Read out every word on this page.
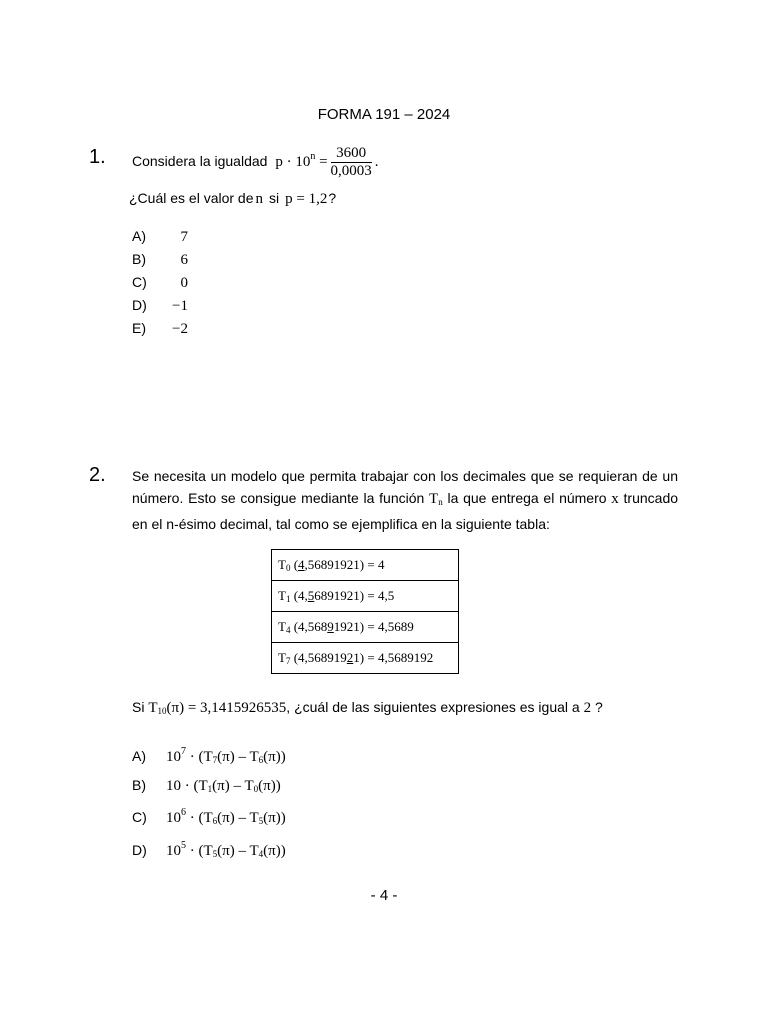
FORMA 191 – 2024
1. Considera la igualdad $p \cdot 10^n = \frac{3600}{0,0003}$ .
¿Cuál es el valor de n si p = 1,2?
A) 7
B) 6
C) 0
D) −1
E) −2
2. Se necesita un modelo que permita trabajar con los decimales que se requieran de un número. Esto se consigue mediante la función $T_n$ la que entrega el número x truncado en el n-ésimo decimal, tal como se ejemplifica en la siguiente tabla:
$T_0$ (4,56891921) = 4
$T_1$ (4,56891921) = 4,5
$T_4$ (4,56891921) = 4,5689
$T_7$ (4,56891921) = 4,5689192
Si $T_{10}(\pi) = 3,1415926535$, ¿cuál de las siguientes expresiones es igual a 2 ?
A) $10^7 \cdot (T_7(\pi) - T_6(\pi))$
B) $10 \cdot (T_1(\pi) - T_0(\pi))$
C) $10^6 \cdot (T_6(\pi) - T_5(\pi))$
D) $10^5 \cdot (T_5(\pi) - T_4(\pi))$
- 4 -
